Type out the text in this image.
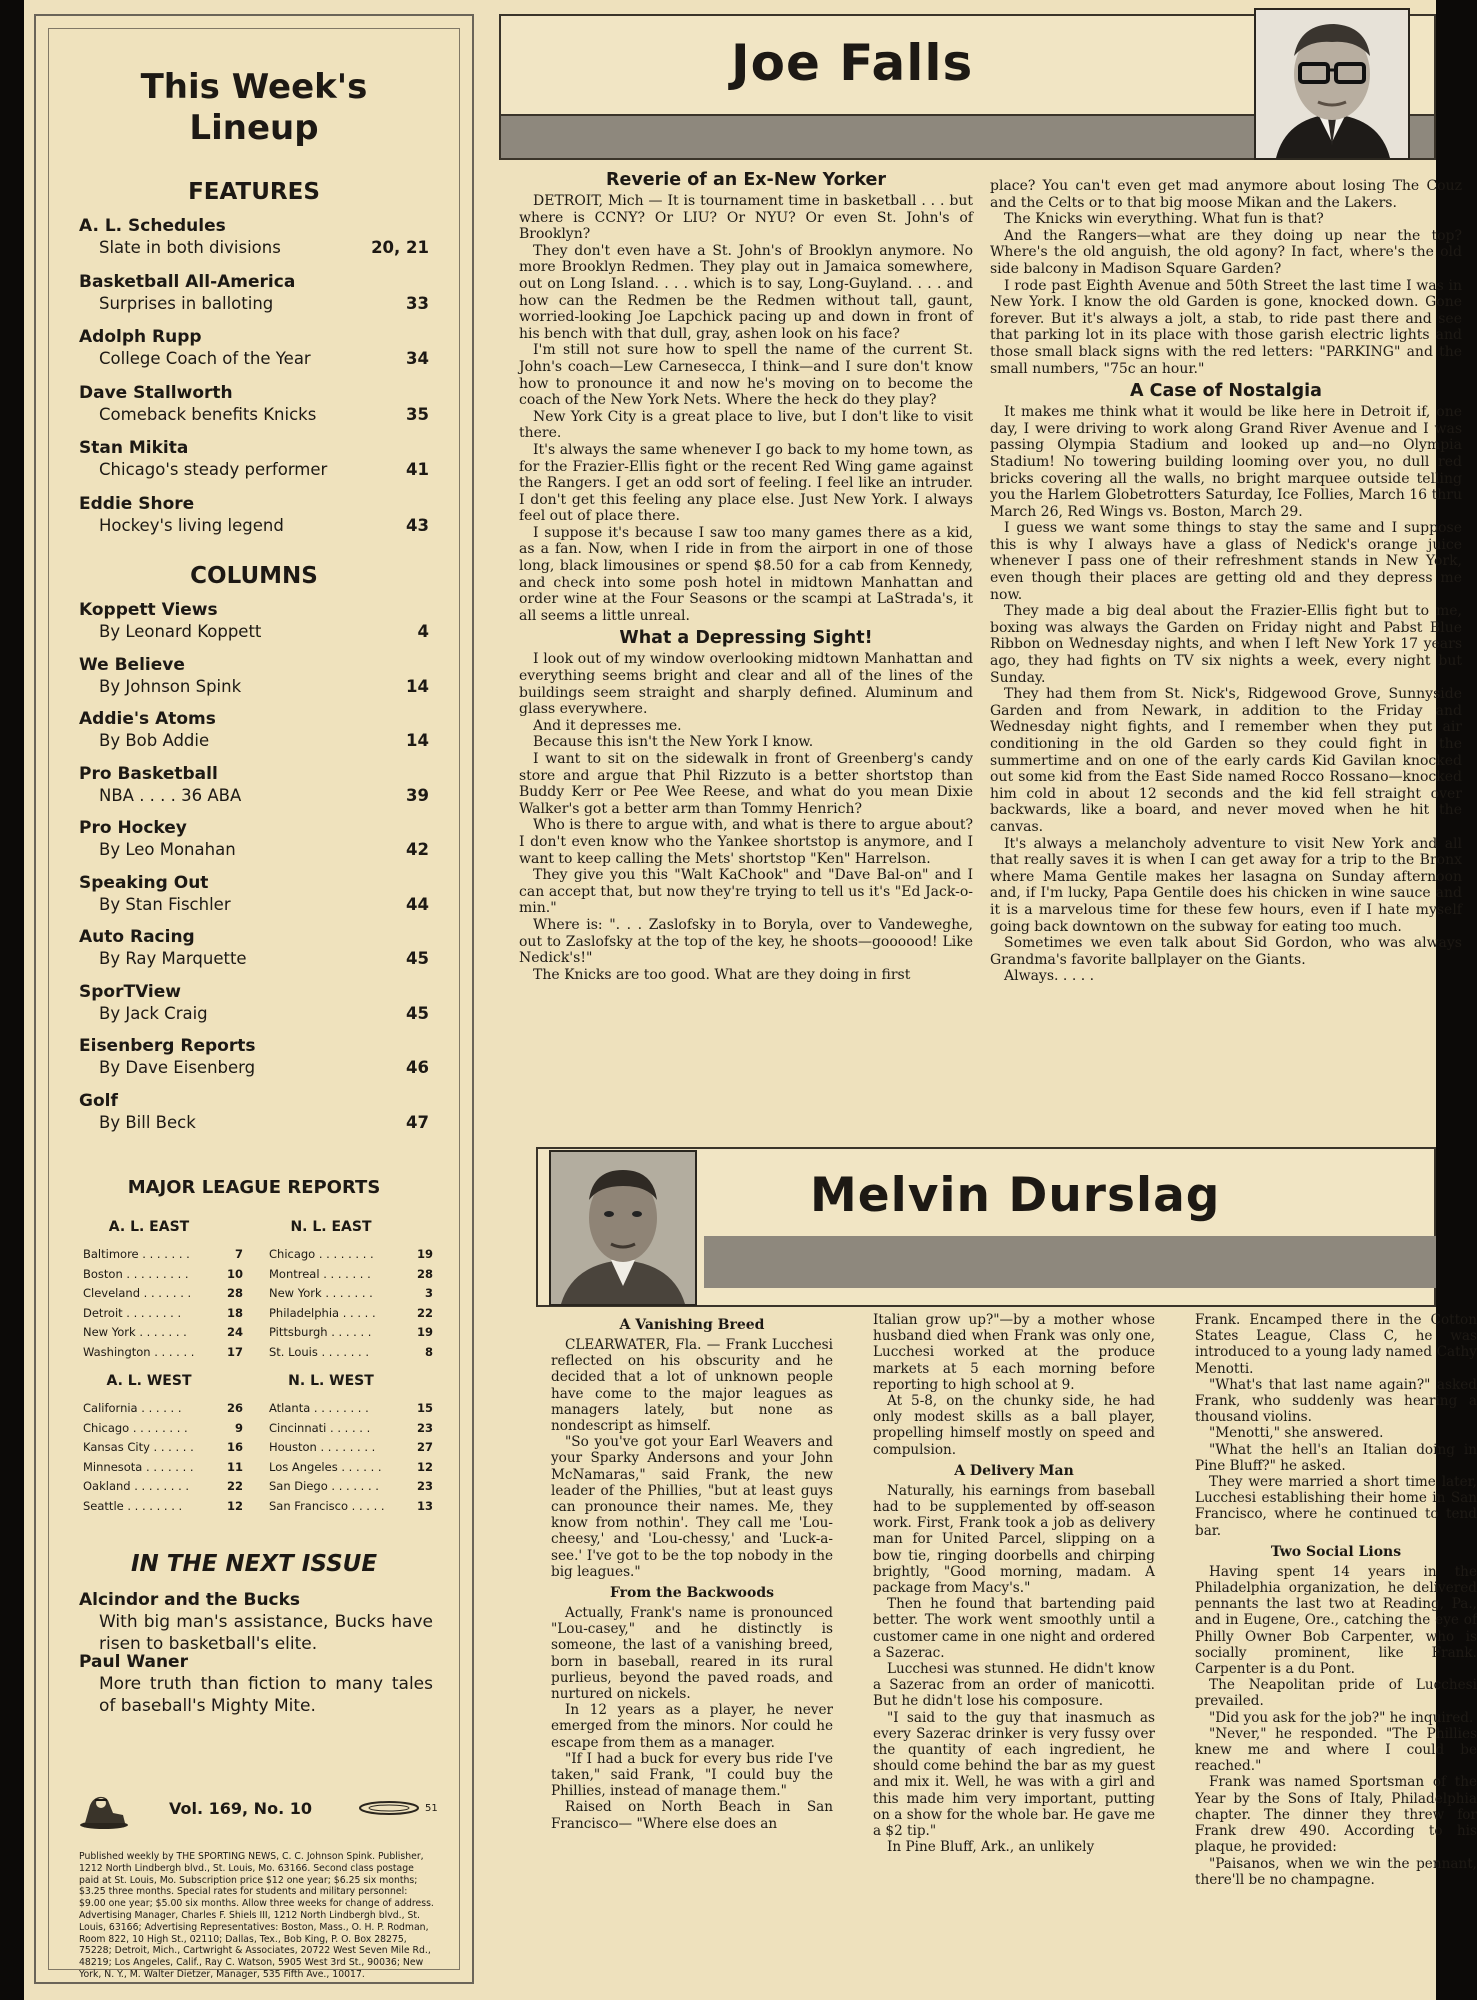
This Week's
Lineup
FEATURES
A. L. Schedules
Slate in both divisions	20, 21
Basketball All-America
Surprises in balloting	33
Adolph Rupp
College Coach of the Year	34
Dave Stallworth
Comeback benefits Knicks	35
Stan Mikita
Chicago's steady performer	41
Eddie Shore
Hockey's living legend	43
COLUMNS
Koppett Views
By Leonard Koppett	4
We Believe
By Johnson Spink	14
Addie's Atoms
By Bob Addie	14
Pro Basketball
NBA . . . . 36 ABA	39
Pro Hockey
By Leo Monahan	42
Speaking Out
By Stan Fischler	44
Auto Racing
By Ray Marquette	45
SporTView
By Jack Craig	45
Eisenberg Reports
By Dave Eisenberg	46
Golf
By Bill Beck	47
MAJOR LEAGUE REPORTS
A. L. EAST	N. L. EAST
Baltimore . . . . . . .	7
Boston . . . . . . . . .	10
Cleveland . . . . . . .	28
Detroit . . . . . . . .	18
New York . . . . . . .	24
Washington . . . . . .	17
Chicago . . . . . . . .	19
Montreal . . . . . . .	28
New York . . . . . . .	3
Philadelphia . . . . .	22
Pittsburgh . . . . . .	19
St. Louis . . . . . . .	8
A. L. WEST	N. L. WEST
California . . . . . .	26
Chicago . . . . . . . .	9
Kansas City . . . . . .	16
Minnesota . . . . . . .	11
Oakland . . . . . . . .	22
Seattle . . . . . . . .	12
Atlanta . . . . . . . .	15
Cincinnati . . . . . .	23
Houston . . . . . . . .	27
Los Angeles . . . . . .	12
San Diego . . . . . . .	23
San Francisco . . . . .	13
IN THE NEXT ISSUE
Alcindor and the Bucks
With big man's assistance, Bucks have risen to basketball's elite.
Paul Waner
More truth than fiction to many tales of baseball's Mighty Mite.
Vol. 169, No. 10	51
Published weekly by THE SPORTING NEWS, C. C. Johnson Spink. Publisher, 1212 North Lindbergh blvd., St. Louis, Mo. 63166. Second class postage paid at St. Louis, Mo. Subscription price $12 one year; $6.25 six months; $3.25 three months. Special rates for students and military personnel: $9.00 one year; $5.00 six months. Allow three weeks for change of address. Advertising Manager, Charles F. Shiels III, 1212 North Lindbergh blvd., St. Louis, 63166; Advertising Representatives: Boston, Mass., O. H. P. Rodman, Room 822, 10 High St., 02110; Dallas, Tex., Bob King, P. O. Box 28275, 75228; Detroit, Mich., Cartwright & Associates, 20722 West Seven Mile Rd., 48219; Los Angeles, Calif., Ray C. Watson, 5905 West 3rd St., 90036; New York, N. Y., M. Walter Dietzer, Manager, 535 Fifth Ave., 10017.
Joe Falls
Reverie of an Ex-New Yorker

DETROIT, Mich — It is tournament time in basketball . . . but where is CCNY? Or LIU? Or NYU? Or even St. John's of Brooklyn?

They don't even have a St. John's of Brooklyn anymore. No more Brooklyn Redmen. They play out in Jamaica somewhere, out on Long Island. . . . which is to say, Long-Guyland. . . . and how can the Redmen be the Redmen without tall, gaunt, worried-looking Joe Lapchick pacing up and down in front of his bench with that dull, gray, ashen look on his face?

I'm still not sure how to spell the name of the current St. John's coach—Lew Carnesecca, I think—and I sure don't know how to pronounce it and now he's moving on to become the coach of the New York Nets. Where the heck do they play?

New York City is a great place to live, but I don't like to visit there.

It's always the same whenever I go back to my home town, as for the Frazier-Ellis fight or the recent Red Wing game against the Rangers. I get an odd sort of feeling. I feel like an intruder. I don't get this feeling any place else. Just New York. I always feel out of place there.

I suppose it's because I saw too many games there as a kid, as a fan. Now, when I ride in from the airport in one of those long, black limousines or spend $8.50 for a cab from Kennedy, and check into some posh hotel in midtown Manhattan and order wine at the Four Seasons or the scampi at LaStrada's, it all seems a little unreal.

What a Depressing Sight!

I look out of my window overlooking midtown Manhattan and everything seems bright and clear and all of the lines of the buildings seem straight and sharply defined. Aluminum and glass everywhere.

And it depresses me.

Because this isn't the New York I know.

I want to sit on the sidewalk in front of Greenberg's candy store and argue that Phil Rizzuto is a better shortstop than Buddy Kerr or Pee Wee Reese, and what do you mean Dixie Walker's got a better arm than Tommy Henrich?

Who is there to argue with, and what is there to argue about? I don't even know who the Yankee shortstop is anymore, and I want to keep calling the Mets' shortstop "Ken" Harrelson.

They give you this "Walt KaChook" and "Dave Bal-on" and I can accept that, but now they're trying to tell us it's "Ed Jack-o-min."

Where is: ". . . Zaslofsky in to Boryla, over to Vandeweghe, out to Zaslofsky at the top of the key, he shoots—goooood! Like Nedick's!"

The Knicks are too good. What are they doing in first

place? You can't even get mad anymore about losing The Couz and the Celts or to that big moose Mikan and the Lakers.

The Knicks win everything. What fun is that?

And the Rangers—what are they doing up near the top? Where's the old anguish, the old agony? In fact, where's the old side balcony in Madison Square Garden?

I rode past Eighth Avenue and 50th Street the last time I was in New York. I know the old Garden is gone, knocked down. Gone forever. But it's always a jolt, a stab, to ride past there and see that parking lot in its place with those garish electric lights and those small black signs with the red letters: "PARKING" and the small numbers, "75c an hour."

A Case of Nostalgia

It makes me think what it would be like here in Detroit if, one day, I were driving to work along Grand River Avenue and I was passing Olympia Stadium and looked up and—no Olympia Stadium! No towering building looming over you, no dull red bricks covering all the walls, no bright marquee outside telling you the Harlem Globetrotters Saturday, Ice Follies, March 16 thru March 26, Red Wings vs. Boston, March 29.

I guess we want some things to stay the same and I suppose this is why I always have a glass of Nedick's orange juice whenever I pass one of their refreshment stands in New York, even though their places are getting old and they depress me now.

They made a big deal about the Frazier-Ellis fight but to me, boxing was always the Garden on Friday night and Pabst Blue Ribbon on Wednesday nights, and when I left New York 17 years ago, they had fights on TV six nights a week, every night but Sunday.

They had them from St. Nick's, Ridgewood Grove, Sunnyside Garden and from Newark, in addition to the Friday and Wednesday night fights, and I remember when they put air conditioning in the old Garden so they could fight in the summertime and on one of the early cards Kid Gavilan knocked out some kid from the East Side named Rocco Rossano—knocked him cold in about 12 seconds and the kid fell straight over backwards, like a board, and never moved when he hit the canvas.

It's always a melancholy adventure to visit New York and all that really saves it is when I can get away for a trip to the Bronx where Mama Gentile makes her lasagna on Sunday afternoon and, if I'm lucky, Papa Gentile does his chicken in wine sauce and it is a marvelous time for these few hours, even if I hate myself going back downtown on the subway for eating too much.

Sometimes we even talk about Sid Gordon, who was always Grandma's favorite ballplayer on the Giants.

Always. . . . .

Melvin Durslag
A Vanishing Breed

CLEARWATER, Fla. — Frank Lucchesi reflected on his obscurity and he decided that a lot of unknown people have come to the major leagues as managers lately, but none as nondescript as himself.

"So you've got your Earl Weavers and your Sparky Andersons and your John McNamaras," said Frank, the new leader of the Phillies, "but at least guys can pronounce their names. Me, they know from nothin'. They call me 'Lou-cheesy,' and 'Lou-chessy,' and 'Luck-a-see.' I've got to be the top nobody in the big leagues."

From the Backwoods

Actually, Frank's name is pronounced "Lou-casey," and he distinctly is someone, the last of a vanishing breed, born in baseball, reared in its rural purlieus, beyond the paved roads, and nurtured on nickels.

In 12 years as a player, he never emerged from the minors. Nor could he escape from them as a manager.

"If I had a buck for every bus ride I've taken," said Frank, "I could buy the Phillies, instead of manage them."

Raised on North Beach in San Francisco— "Where else does an

Italian grow up?"—by a mother whose husband died when Frank was only one, Lucchesi worked at the produce markets at 5 each morning before reporting to high school at 9.

At 5-8, on the chunky side, he had only modest skills as a ball player, propelling himself mostly on speed and compulsion.

A Delivery Man

Naturally, his earnings from baseball had to be supplemented by off-season work. First, Frank took a job as delivery man for United Parcel, slipping on a bow tie, ringing doorbells and chirping brightly, "Good morning, madam. A package from Macy's."

Then he found that bartending paid better. The work went smoothly until a customer came in one night and ordered a Sazerac.

Lucchesi was stunned. He didn't know a Sazerac from an order of manicotti. But he didn't lose his composure.

"I said to the guy that inasmuch as every Sazerac drinker is very fussy over the quantity of each ingredient, he should come behind the bar as my guest and mix it. Well, he was with a girl and this made him very important, putting on a show for the whole bar. He gave me a $2 tip."

In Pine Bluff, Ark., an unlikely

Frank. Encamped there in the Cotton States League, Class C, he was introduced to a young lady named Cathy Menotti.

"What's that last name again?" asked Frank, who suddenly was hearing a thousand violins.

"Menotti," she answered.

"What the hell's an Italian doing in Pine Bluff?" he asked.

They were married a short time later, Lucchesi establishing their home in San Francisco, where he continued to tend bar.

Two Social Lions

Having spent 14 years in the Philadelphia organization, he delivered pennants the last two at Reading, Pa., and in Eugene, Ore., catching the eye of Philly Owner Bob Carpenter, who is socially prominent, like Frank. Carpenter is a du Pont.

The Neapolitan pride of Lucchesi prevailed.

"Did you ask for the job?" he inquired.

"Never," he responded. "The Phillies knew me and where I could be reached."

Frank was named Sportsman of the Year by the Sons of Italy, Philadelphia chapter. The dinner they threw for Frank drew 490. According to his plaque, he provided:

"Paisanos, when we win the pennant, there'll be no champagne.
